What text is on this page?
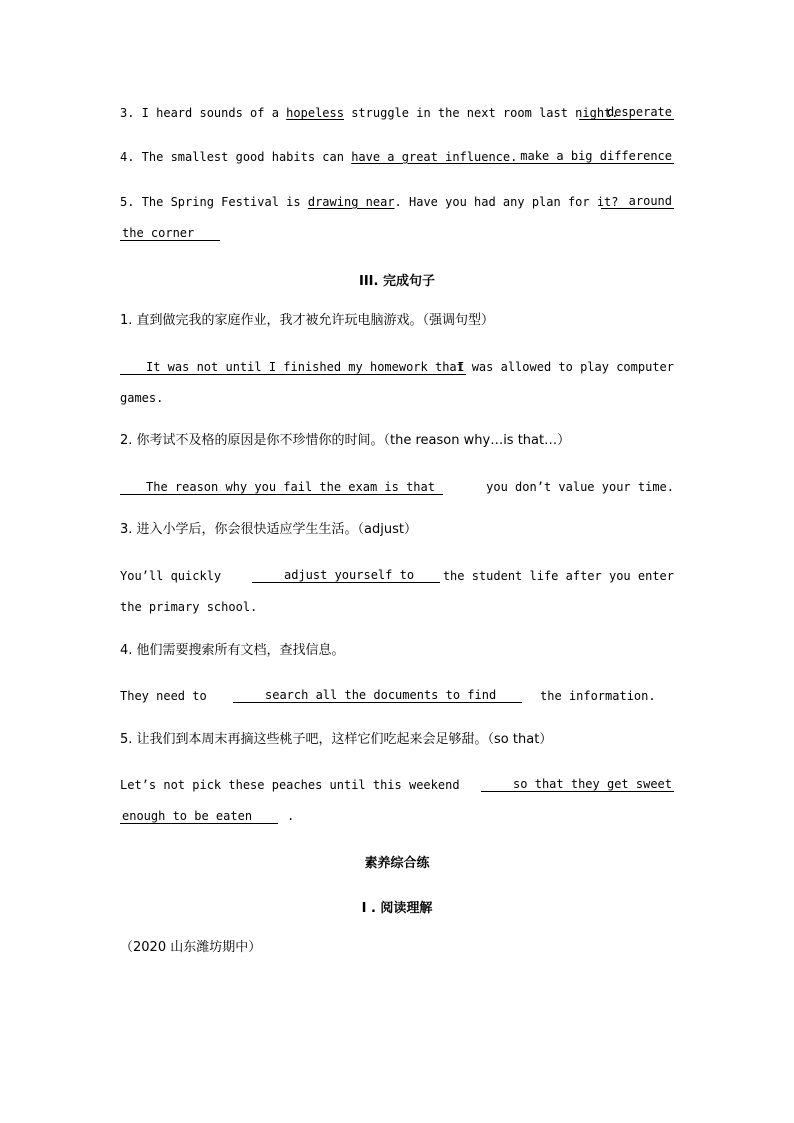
3. I heard sounds of a hopeless struggle in the next room last night.
desperate
4. The smallest good habits can have a great influence. make a big difference
5. The Spring Festival is drawing near. Have you had any plan for it? around
the corner
III. 完成句子
1. 直到做完我的家庭作业，我才被允许玩电脑游戏。（强调句型）
It was not until I finished my homework that
I was allowed to play computer
games.
2. 你考试不及格的原因是你不珍惜你的时间。（the reason why…is that…）
The reason why you fail the exam is that	you don’t value your time.
3. 进入小学后，你会很快适应学生生活。（adjust）
You’ll quickly	adjust yourself to	the student life after you enter
the primary school.
4. 他们需要搜索所有文档，查找信息。
They need to	search all the documents to find	the information.
5. 让我们到本周末再摘这些桃子吧，这样它们吃起来会足够甜。（so that）
Let’s not pick these peaches until this weekend	so that they get sweet
enough to be eaten	.
素养综合练
I . 阅读理解
（2020 山东潍坊期中）
